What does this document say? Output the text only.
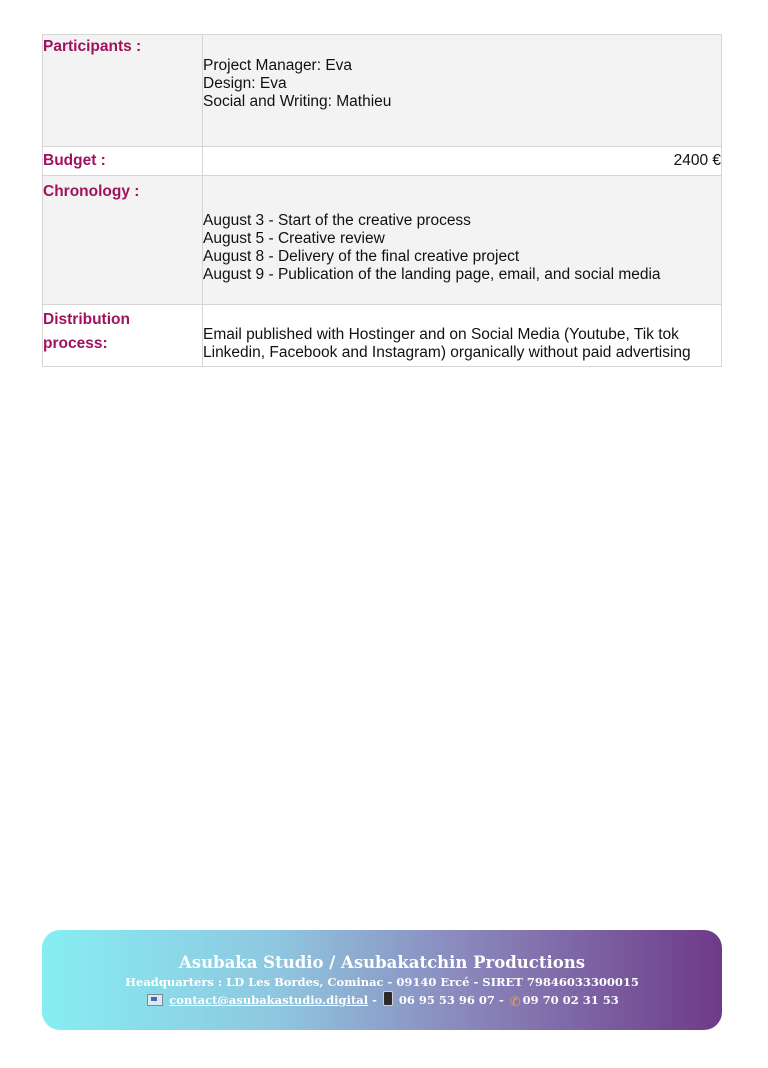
Participants :	Project Manager: Eva
Design: Eva
Social and Writing: Mathieu

Budget :	2400 €
Chronology :	August 3 - Start of the creative process
August 5 - Creative review
August 8 - Delivery of the final creative project
August 9 - Publication of the landing page, email, and social media

Distribution
process:	Email published with Hostinger and on Social Media (Youtube, Tik tok
Linkedin, Facebook and Instagram) organically without paid advertising
Asubaka Studio / Asubakatchin Productions
Headquarters : LD Les Bordes, Cominac - 09140 Ercé - SIRET 79846033300015
contact@asubakastudio.digital - 06 95 53 96 07 - ✆ 09 70 02 31 53
